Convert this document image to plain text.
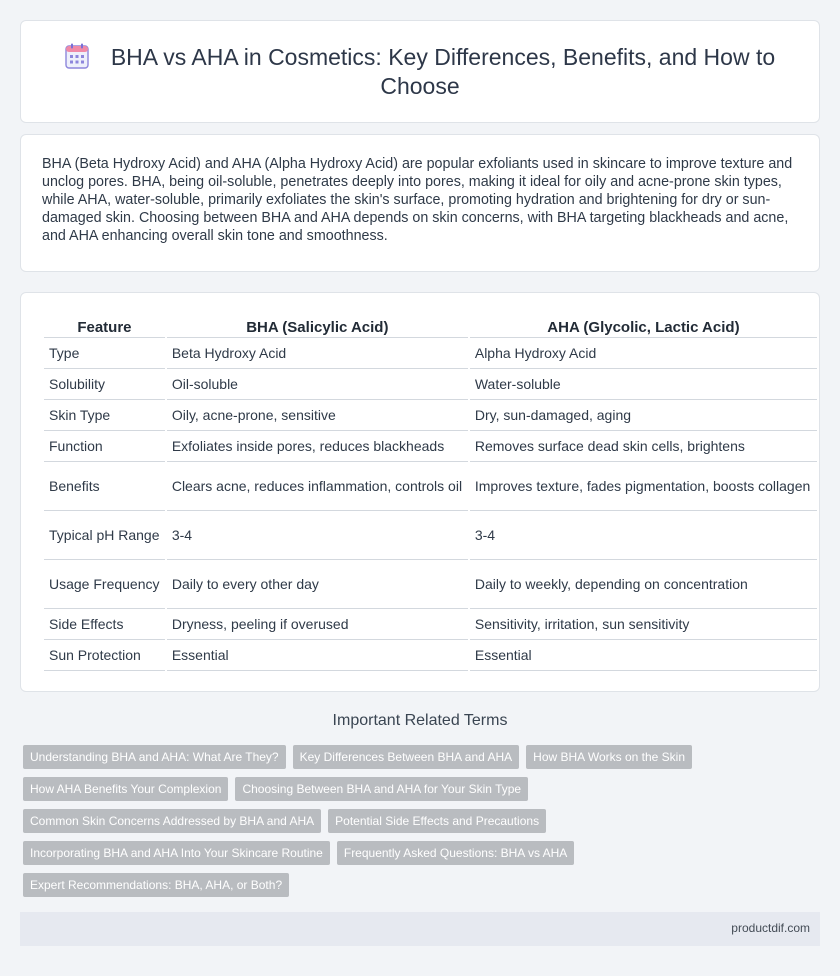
BHA vs AHA in Cosmetics: Key Differences, Benefits, and How to Choose

BHA (Beta Hydroxy Acid) and AHA (Alpha Hydroxy Acid) are popular exfoliants used in skincare to improve texture and unclog pores. BHA, being oil-soluble, penetrates deeply into pores, making it ideal for oily and acne-prone skin types, while AHA, water-soluble, primarily exfoliates the skin's surface, promoting hydration and brightening for dry or sun-damaged skin. Choosing between BHA and AHA depends on skin concerns, with BHA targeting blackheads and acne, and AHA enhancing overall skin tone and smoothness.

Feature	BHA (Salicylic Acid)	AHA (Glycolic, Lactic Acid)
Type	Beta Hydroxy Acid	Alpha Hydroxy Acid
Solubility	Oil-soluble	Water-soluble
Skin Type	Oily, acne-prone, sensitive	Dry, sun-damaged, aging
Function	Exfoliates inside pores, reduces blackheads	Removes surface dead skin cells, brightens
Benefits	Clears acne, reduces inflammation, controls oil	Improves texture, fades pigmentation, boosts collagen
Typical pH Range	3-4	3-4
Usage Frequency	Daily to every other day	Daily to weekly, depending on concentration
Side Effects	Dryness, peeling if overused	Sensitivity, irritation, sun sensitivity
Sun Protection	Essential	Essential
Important Related Terms
Understanding BHA and AHA: What Are They?	Key Differences Between BHA and AHA	How BHA Works on the Skin
How AHA Benefits Your Complexion	Choosing Between BHA and AHA for Your Skin Type
Common Skin Concerns Addressed by BHA and AHA	Potential Side Effects and Precautions
Incorporating BHA and AHA Into Your Skincare Routine	Frequently Asked Questions: BHA vs AHA
Expert Recommendations: BHA, AHA, or Both?
productdif.com
